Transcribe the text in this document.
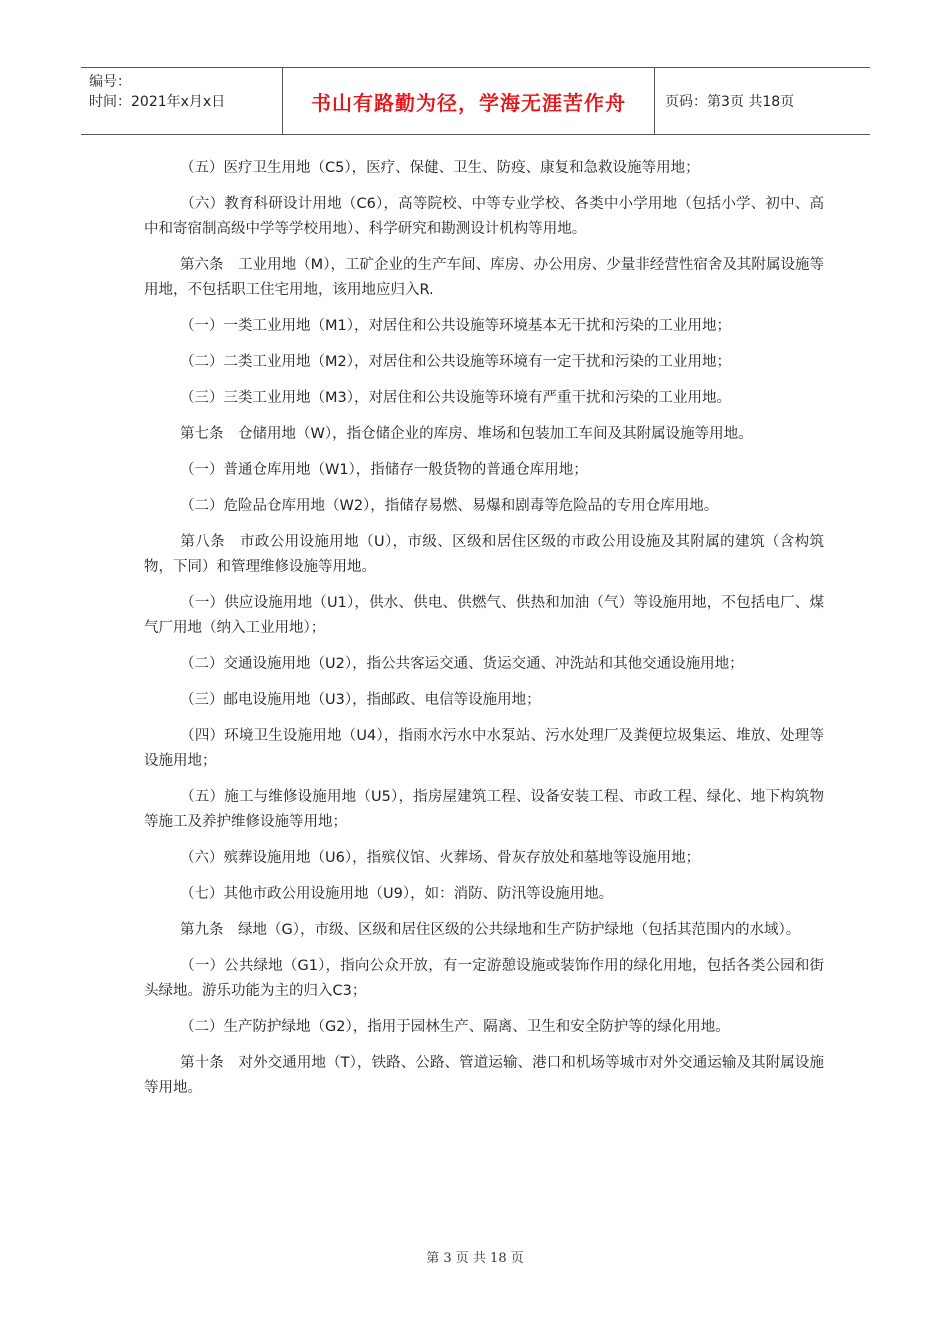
编号：
时间：2021年x月x日	书山有路勤为径，学海无涯苦作舟	页码：第3页 共18页

（五）医疗卫生用地（C5），医疗、保健、卫生、防疫、康复和急救设施等用地；

（六）教育科研设计用地（C6），高等院校、中等专业学校、各类中小学用地（包括小学、初中、高中和寄宿制高级中学等学校用地）、科学研究和勘测设计机构等用地。

第六条　工业用地（M），工矿企业的生产车间、库房、办公用房、少量非经营性宿舍及其附属设施等用地，不包括职工住宅用地，该用地应归入R.

（一）一类工业用地（M1），对居住和公共设施等环境基本无干扰和污染的工业用地；

（二）二类工业用地（M2），对居住和公共设施等环境有一定干扰和污染的工业用地；

（三）三类工业用地（M3），对居住和公共设施等环境有严重干扰和污染的工业用地。

第七条　仓储用地（W），指仓储企业的库房、堆场和包装加工车间及其附属设施等用地。

（一）普通仓库用地（W1），指储存一般货物的普通仓库用地；

（二）危险品仓库用地（W2），指储存易燃、易爆和剧毒等危险品的专用仓库用地。

第八条　市政公用设施用地（U），市级、区级和居住区级的市政公用设施及其附属的建筑（含构筑物，下同）和管理维修设施等用地。

（一）供应设施用地（U1），供水、供电、供燃气、供热和加油（气）等设施用地，不包括电厂、煤气厂用地（纳入工业用地）；

（二）交通设施用地（U2），指公共客运交通、货运交通、冲洗站和其他交通设施用地；

（三）邮电设施用地（U3），指邮政、电信等设施用地；

（四）环境卫生设施用地（U4），指雨水污水中水泵站、污水处理厂及粪便垃圾集运、堆放、处理等设施用地；

（五）施工与维修设施用地（U5），指房屋建筑工程、设备安装工程、市政工程、绿化、地下构筑物等施工及养护维修设施等用地；

（六）殡葬设施用地（U6），指殡仪馆、火葬场、骨灰存放处和墓地等设施用地；

（七）其他市政公用设施用地（U9），如：消防、防汛等设施用地。

第九条　绿地（G），市级、区级和居住区级的公共绿地和生产防护绿地（包括其范围内的水域）。

（一）公共绿地（G1），指向公众开放，有一定游憩设施或装饰作用的绿化用地，包括各类公园和街头绿地。游乐功能为主的归入C3；

（二）生产防护绿地（G2），指用于园林生产、隔离、卫生和安全防护等的绿化用地。

第十条　对外交通用地（T），铁路、公路、管道运输、港口和机场等城市对外交通运输及其附属设施等用地。

第 3 页 共 18 页
